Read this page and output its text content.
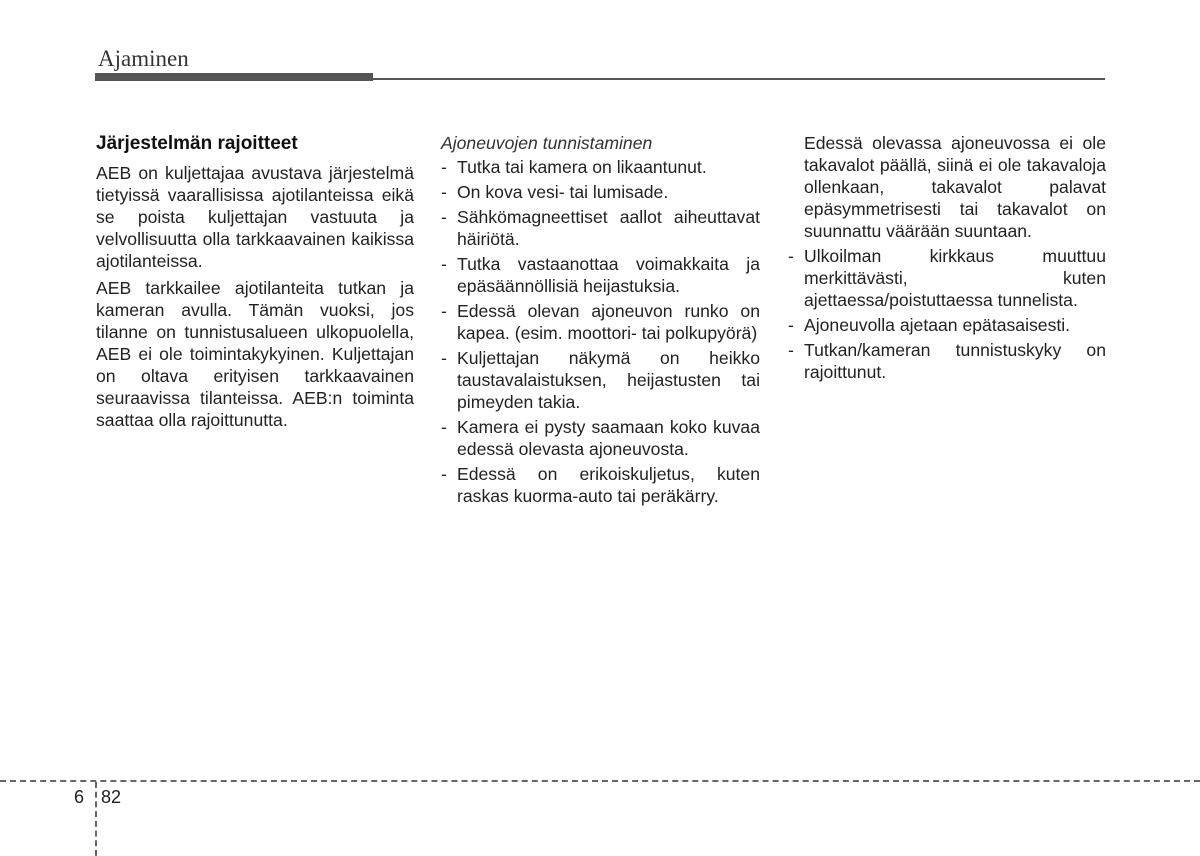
Ajaminen
Järjestelmän rajoitteet

AEB on kuljettajaa avustava järjestelmä tietyissä vaarallisissa ajotilanteissa eikä se poista kuljettajan vastuuta ja velvollisuutta olla tarkkaavainen kaikissa ajotilanteissa.

AEB tarkkailee ajotilanteita tutkan ja kameran avulla. Tämän vuoksi, jos tilanne on tunnistusalueen ulkopuolella, AEB ei ole toimintakykyinen. Kuljettajan on oltava erityisen tarkkaavainen seuraavissa tilanteissa. AEB:n toiminta saattaa olla rajoittunutta.

Ajoneuvojen tunnistaminen

- Tutka tai kamera on likaantunut.
- On kova vesi- tai lumisade.
- Sähkömagneettiset aallot aiheuttavat häiriötä.
- Tutka vastaanottaa voimakkaita ja epäsäännöllisiä heijastuksia.
- Edessä olevan ajoneuvon runko on kapea. (esim. moottori- tai polkupyörä)
- Kuljettajan näkymä on heikko taustavalaistuksen, heijastusten tai pimeyden takia.
- Kamera ei pysty saamaan koko kuvaa edessä olevasta ajoneuvosta.
- Edessä on erikoiskuljetus, kuten raskas kuorma-auto tai peräkärry.

Edessä olevassa ajoneuvossa ei ole takavalot päällä, siinä ei ole takavaloja ollenkaan, takavalot palavat epäsymmetrisesti tai takavalot on suunnattu väärään suuntaan.

- Ulkoilman kirkkaus muuttuu merkittävästi, kuten ajettaessa/poistuttaessa tunnelista.
- Ajoneuvolla ajetaan epätasaisesti.
- Tutkan/kameran tunnistuskyky on rajoittunut.
6 82
